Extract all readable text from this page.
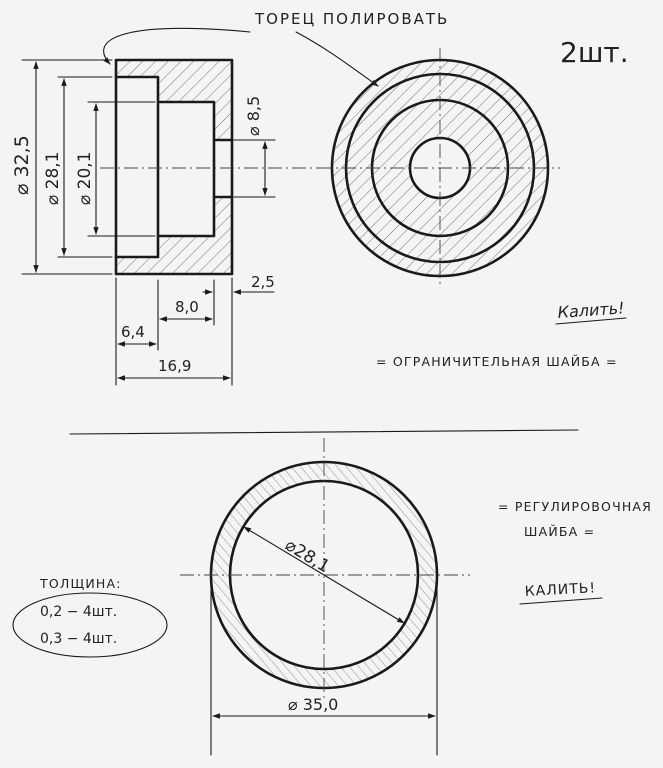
⌀ 32,5 ⌀ 28,1 ⌀ 20,1
⌀ 8,5
8,0
2,5
6,4
16,9
ТОРЕЦ ПОЛИРОВАТЬ
2шт.
Калить!
= ОГРАНИЧИТЕЛЬНАЯ ШАЙБА =
⌀28,1
⌀ 35,0
= РЕГУЛИРОВОЧНАЯ
ШАЙБА =
КАЛИТЬ!
ТОЛЩИНА:
0,2 − 4шт.
0,3 − 4шт.
